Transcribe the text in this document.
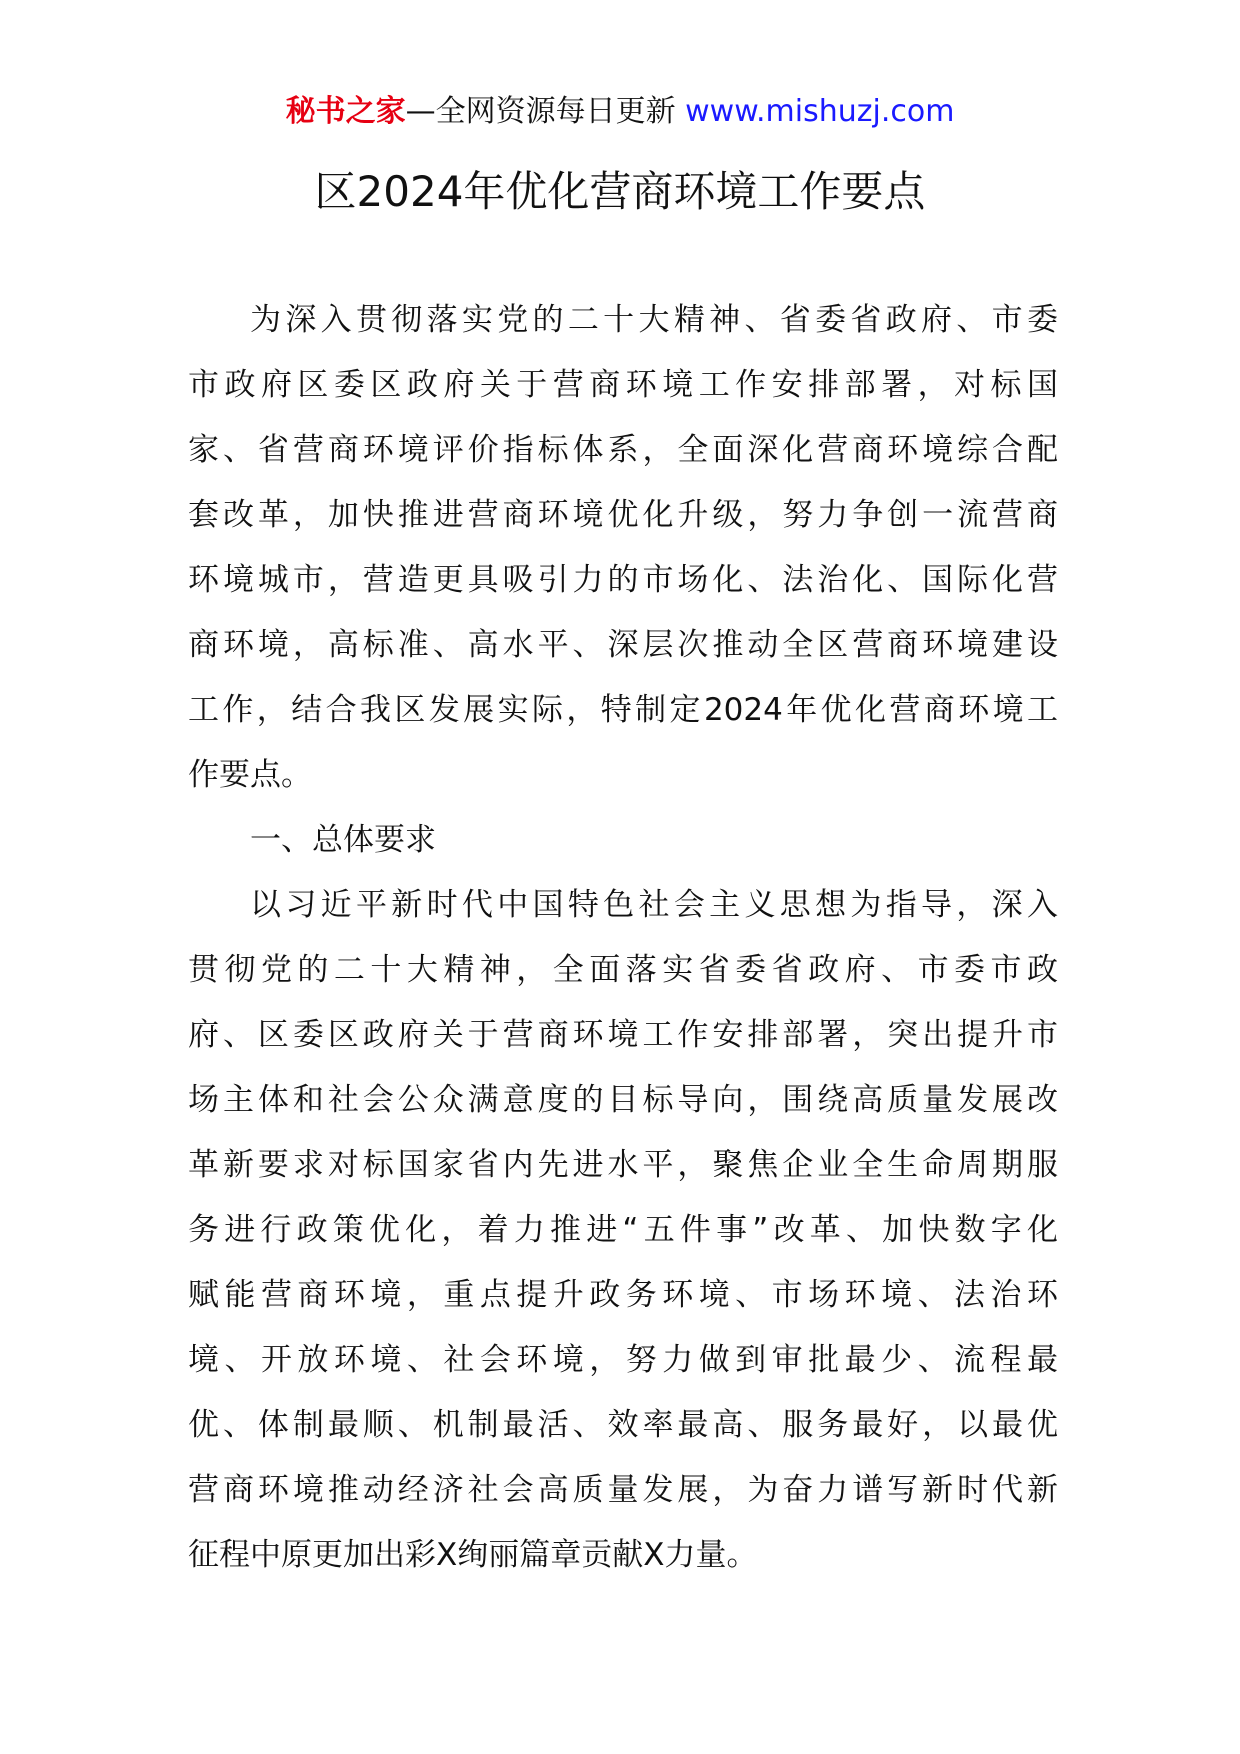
秘书之家—全网资源每日更新 www.mishuzj.com
区2024年优化营商环境工作要点
为深入贯彻落实党的二十大精神、省委省政府、市委
市政府区委区政府关于营商环境工作安排部署，对标国
家、省营商环境评价指标体系，全面深化营商环境综合配
套改革，加快推进营商环境优化升级，努力争创一流营商
环境城市，营造更具吸引力的市场化、法治化、国际化营
商环境，高标准、高水平、深层次推动全区营商环境建设
工作，结合我区发展实际，特制定2024年优化营商环境工
作要点。
一、总体要求
以习近平新时代中国特色社会主义思想为指导，深入
贯彻党的二十大精神，全面落实省委省政府、市委市政
府、区委区政府关于营商环境工作安排部署，突出提升市
场主体和社会公众满意度的目标导向，围绕高质量发展改
革新要求对标国家省内先进水平，聚焦企业全生命周期服
务进行政策优化，着力推进“五件事”改革、加快数字化
赋能营商环境，重点提升政务环境、市场环境、法治环
境、开放环境、社会环境，努力做到审批最少、流程最
优、体制最顺、机制最活、效率最高、服务最好，以最优
营商环境推动经济社会高质量发展，为奋力谱写新时代新
征程中原更加出彩X绚丽篇章贡献X力量。
